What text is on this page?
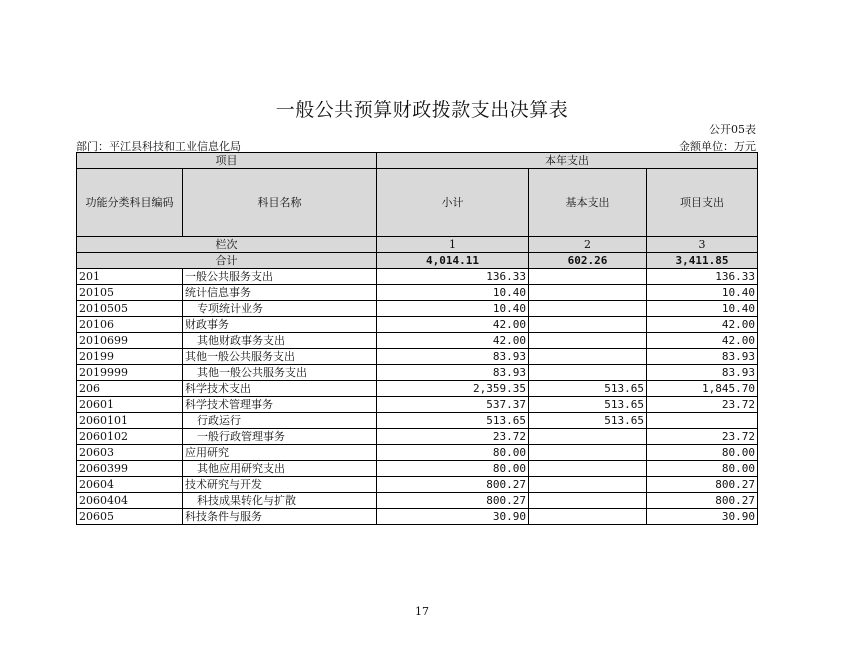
一般公共预算财政拨款支出决算表
公开05表
部门：平江县科技和工业信息化局	金额单位：万元
项目		本年支出		
功能分类科目编码	科目名称	小计	基本支出	项目支出
栏次		1	2	3
合计		4,014.11	602.26	3,411.85
201	一般公共服务支出	136.33		136.33
20105	统计信息事务	10.40		10.40
2010505	专项统计业务	10.40		10.40
20106	财政事务	42.00		42.00
2010699	其他财政事务支出	42.00		42.00
20199	其他一般公共服务支出	83.93		83.93
2019999	其他一般公共服务支出	83.93		83.93
206	科学技术支出	2,359.35	513.65	1,845.70
20601	科学技术管理事务	537.37	513.65	23.72
2060101	行政运行	513.65	513.65	
2060102	一般行政管理事务	23.72		23.72
20603	应用研究	80.00		80.00
2060399	其他应用研究支出	80.00		80.00
20604	技术研究与开发	800.27		800.27
2060404	科技成果转化与扩散	800.27		800.27
20605	科技条件与服务	30.90		30.90
17
